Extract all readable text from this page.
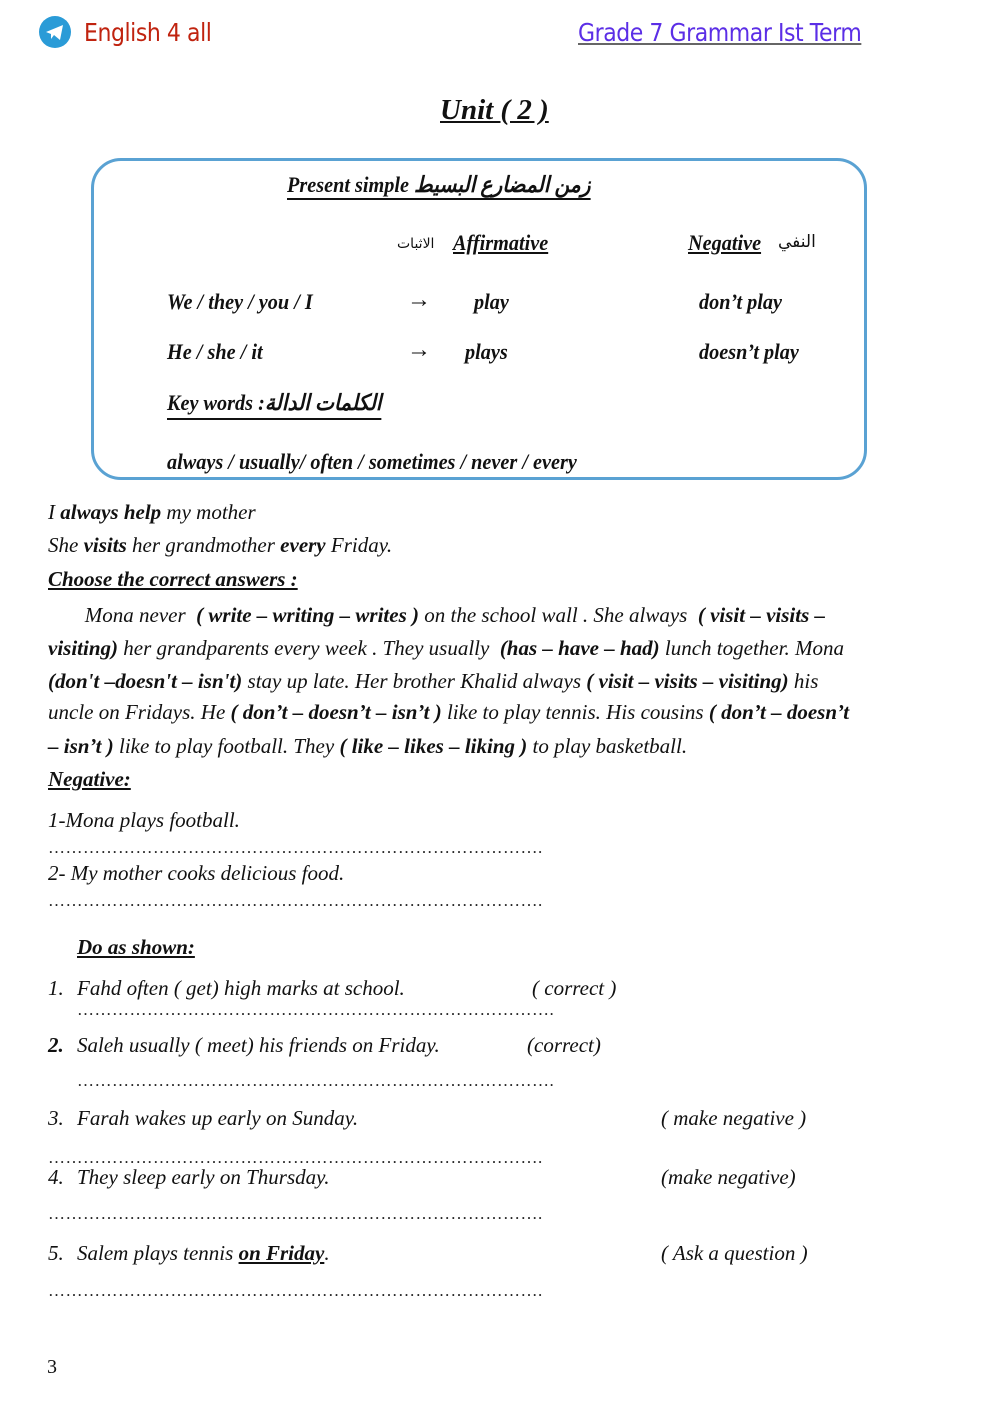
English 4 all	Grade 7 Grammar Ist Term
Unit ( 2 )
Present simple زمن المضارع البسيط
الاثبات Affirmative	Negative النفي
We / they / you / I	→ play	don’t play
He / she / it	→ plays	doesn’t play
Key words :الكلمات الدالة
always / usually/ often / sometimes / never / every
I always help my mother
She visits her grandmother every Friday.
Mona never  ( write – writing – writes ) on the school wall . She always  ( visit – visits –
visiting) her grandparents every week . They usually  (has – have – had) lunch together. Mona
(don't –doesn't – isn't) stay up late. Her brother Khalid always ( visit – visits – visiting) his
uncle on Fridays. He ( don’t – doesn’t – isn’t ) like to play tennis. His cousins ( don’t – doesn’t
– isn’t ) like to play football. They ( like – likes – liking ) to play basketball.
Choose the correct answers :
Negative:
1-Mona plays football.
………………………………………………………………………….
2- My mother cooks delicious food.
………………………………………………………………………….
Do as shown:
1. Fahd often ( get) high marks at school.	( correct )
……………………………………………………………………….
2. Saleh usually ( meet) his friends on Friday.	(correct)
……………………………………………………………………….
3. Farah wakes up early on Sunday.	( make negative )
………………………………………………………………………….
4. They sleep early on Thursday.	(make negative)
………………………………………………………………………….
5. Salem plays tennis on Friday.	( Ask a question )
………………………………………………………………………….
3
